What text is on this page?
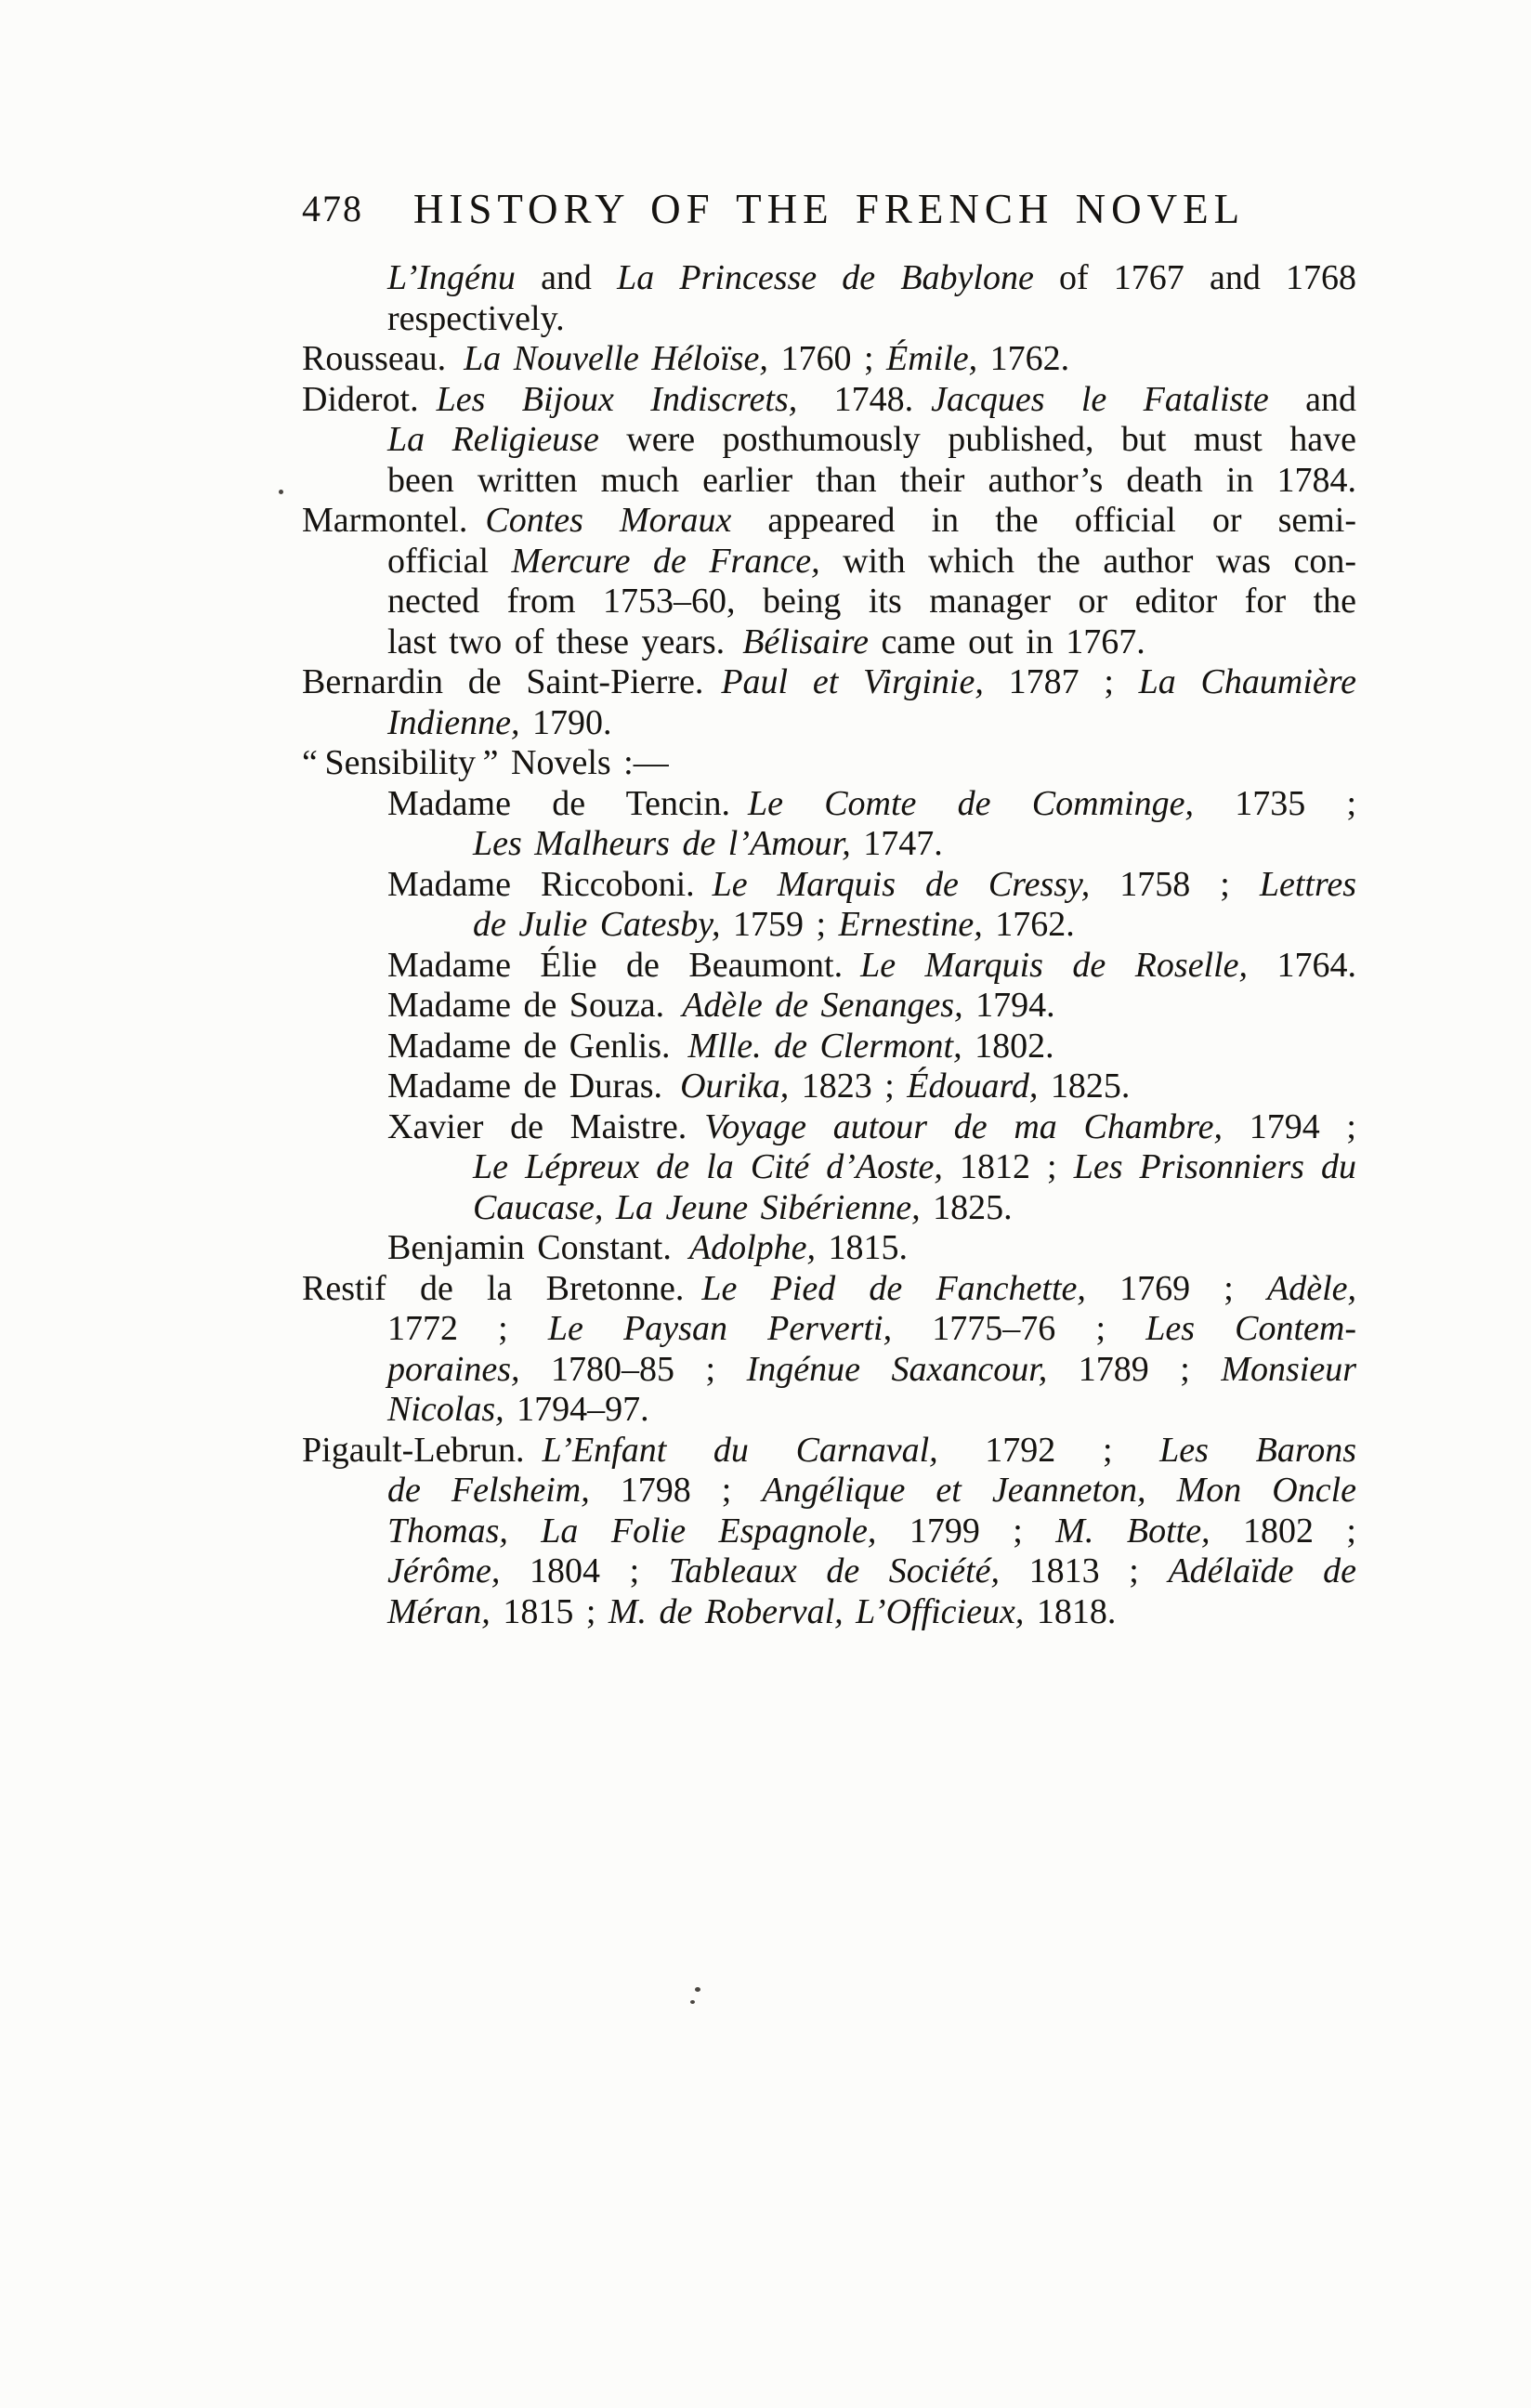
478	HISTORY OF THE FRENCH NOVEL
L’Ingénu and La Princesse de Babylone of 1767 and 1768
respectively.
Rousseau. La Nouvelle Héloïse, 1760 ; Émile, 1762.
Diderot. Les Bijoux Indiscrets, 1748. Jacques le Fataliste and
La Religieuse were posthumously published, but must have
been written much earlier than their author’s death in 1784.
Marmontel. Contes Moraux appeared in the official or semi-
official Mercure de France, with which the author was con-
nected from 1753–60, being its manager or editor for the
last two of these years. Bélisaire came out in 1767.
Bernardin de Saint-Pierre. Paul et Virginie, 1787 ; La Chaumière
Indienne, 1790.
“ Sensibility ” Novels :—
Madame de Tencin. Le Comte de Comminge, 1735 ;
Les Malheurs de l’Amour, 1747.
Madame Riccoboni. Le Marquis de Cressy, 1758 ; Lettres
de Julie Catesby, 1759 ; Ernestine, 1762.
Madame Élie de Beaumont. Le Marquis de Roselle, 1764.
Madame de Souza. Adèle de Senanges, 1794.
Madame de Genlis. Mlle. de Clermont, 1802.
Madame de Duras. Ourika, 1823 ; Édouard, 1825.
Xavier de Maistre. Voyage autour de ma Chambre, 1794 ;
Le Lépreux de la Cité d’Aoste, 1812 ; Les Prisonniers du
Caucase, La Jeune Sibérienne, 1825.
Benjamin Constant. Adolphe, 1815.
Restif de la Bretonne. Le Pied de Fanchette, 1769 ; Adèle,
1772 ; Le Paysan Perverti, 1775–76 ; Les Contem-
poraines, 1780–85 ; Ingénue Saxancour, 1789 ; Monsieur
Nicolas, 1794–97.
Pigault-Lebrun. L’Enfant du Carnaval, 1792 ; Les Barons
de Felsheim, 1798 ; Angélique et Jeanneton, Mon Oncle
Thomas, La Folie Espagnole, 1799 ; M. Botte, 1802 ;
Jérôme, 1804 ; Tableaux de Société, 1813 ; Adélaïde de
Méran, 1815 ; M. de Roberval, L’Officieux, 1818.
